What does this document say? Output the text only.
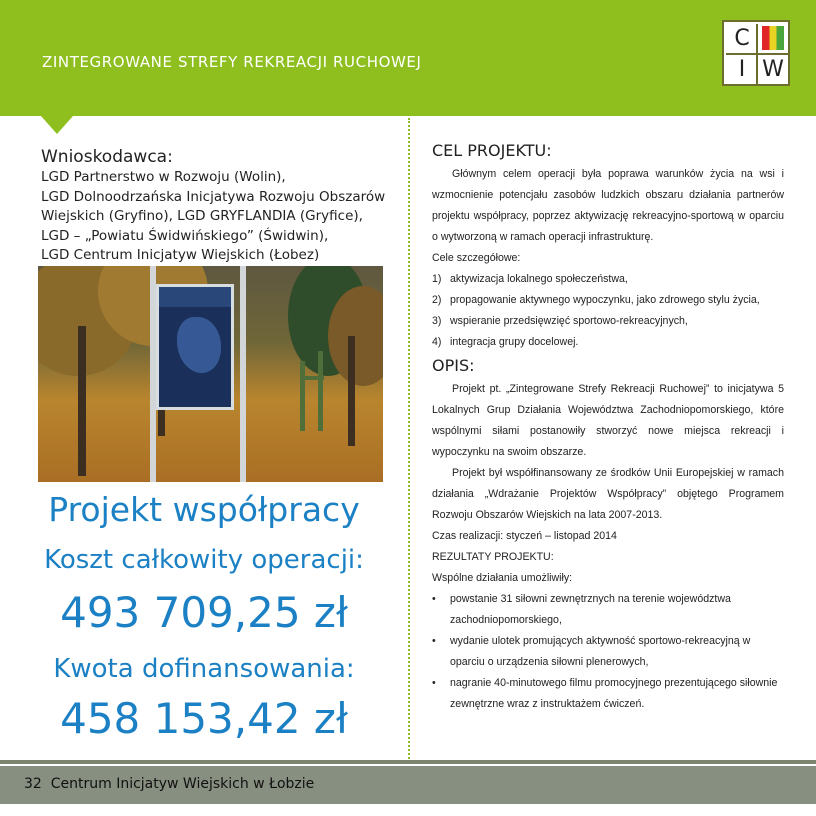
ZINTEGROWANE STREFY REKREACJI RUCHOWEJ
C
I W
Wnioskodawca:
LGD Partnerstwo w Rozwoju (Wolin),
LGD Dolnoodrzańska Inicjatywa Rozwoju Obszarów
Wiejskich (Gryfino), LGD GRYFLANDIA (Gryfice),
LGD – „Powiatu Świdwińskiego” (Świdwin),
LGD Centrum Inicjatyw Wiejskich (Łobez)
Projekt współpracy
Koszt całkowity operacji:
493 709,25 zł
Kwota dofinansowania:
458 153,42 zł
CEL PROJEKTU:
Głównym celem operacji była poprawa warunków życia na wsi i wzmocnienie potencjału zasobów ludzkich obszaru działania partnerów projektu współpracy, poprzez aktywizację rekreacyjno-sportową w oparciu o wytworzoną w ramach operacji infrastrukturę.
Cele szczegółowe:
1) aktywizacja lokalnego społeczeństwa,
2) propagowanie aktywnego wypoczynku, jako zdrowego stylu życia,
3) wspieranie przedsięwzięć sportowo-rekreacyjnych,
4) integracja grupy docelowej.
OPIS:
Projekt pt. „Zintegrowane Strefy Rekreacji Ruchowej” to inicjatywa 5 Lokalnych Grup Działania Województwa Zachodniopomorskiego, które wspólnymi siłami postanowiły stworzyć nowe miejsca rekreacji i wypoczynku na swoim obszarze.
Projekt był współfinansowany ze środków Unii Europejskiej w ramach działania „Wdrażanie Projektów Współpracy” objętego Programem Rozwoju Obszarów Wiejskich na lata 2007-2013.
Czas realizacji: styczeń – listopad 2014
REZULTATY PROJEKTU:
Wspólne działania umożliwiły:
• powstanie 31 siłowni zewnętrznych na terenie województwa zachodniopomorskiego,
• wydanie ulotek promujących aktywność sportowo-rekreacyjną w oparciu o urządzenia siłowni plenerowych,
• nagranie 40-minutowego filmu promocyjnego prezentującego siłownie zewnętrzne wraz z instruktażem ćwiczeń.
32 Centrum Inicjatyw Wiejskich w Łobzie
